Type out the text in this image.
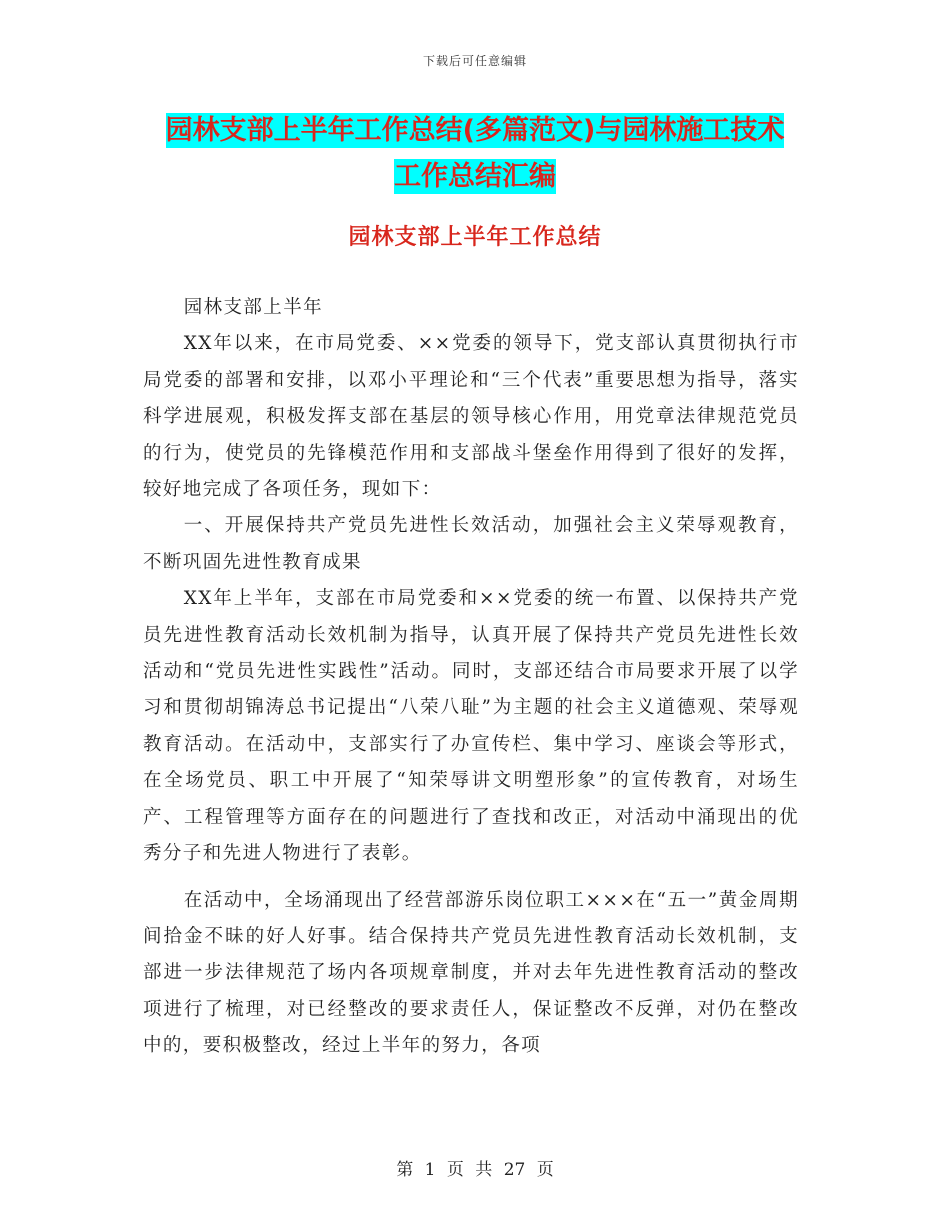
下载后可任意编辑
园林支部上半年工作总结(多篇范文)与园林施工技术
工作总结汇编
园林支部上半年工作总结

园林支部上半年

XX年以来，在市局党委、××党委的领导下，党支部认真贯彻执行市局党委的部署和安排，以邓小平理论和“三个代表”重要思想为指导，落实科学进展观，积极发挥支部在基层的领导核心作用，用党章法律规范党员的行为，使党员的先锋模范作用和支部战斗堡垒作用得到了很好的发挥，较好地完成了各项任务，现如下：

一、开展保持共产党员先进性长效活动，加强社会主义荣辱观教育，不断巩固先进性教育成果

XX年上半年，支部在市局党委和××党委的统一布置、以保持共产党员先进性教育活动长效机制为指导，认真开展了保持共产党员先进性长效活动和“党员先进性实践性”活动。同时，支部还结合市局要求开展了以学习和贯彻胡锦涛总书记提出“八荣八耻”为主题的社会主义道德观、荣辱观教育活动。在活动中，支部实行了办宣传栏、集中学习、座谈会等形式，在全场党员、职工中开展了“知荣辱讲文明塑形象”的宣传教育，对场生产、工程管理等方面存在的问题进行了查找和改正，对活动中涌现出的优秀分子和先进人物进行了表彰。

在活动中，全场涌现出了经营部游乐岗位职工×××在“五一”黄金周期间拾金不昧的好人好事。结合保持共产党员先进性教育活动长效机制，支部进一步法律规范了场内各项规章制度，并对去年先进性教育活动的整改项进行了梳理，对已经整改的要求责任人，保证整改不反弹，对仍在整改中的，要积极整改，经过上半年的努力，各项

第 1 页 共 27 页
